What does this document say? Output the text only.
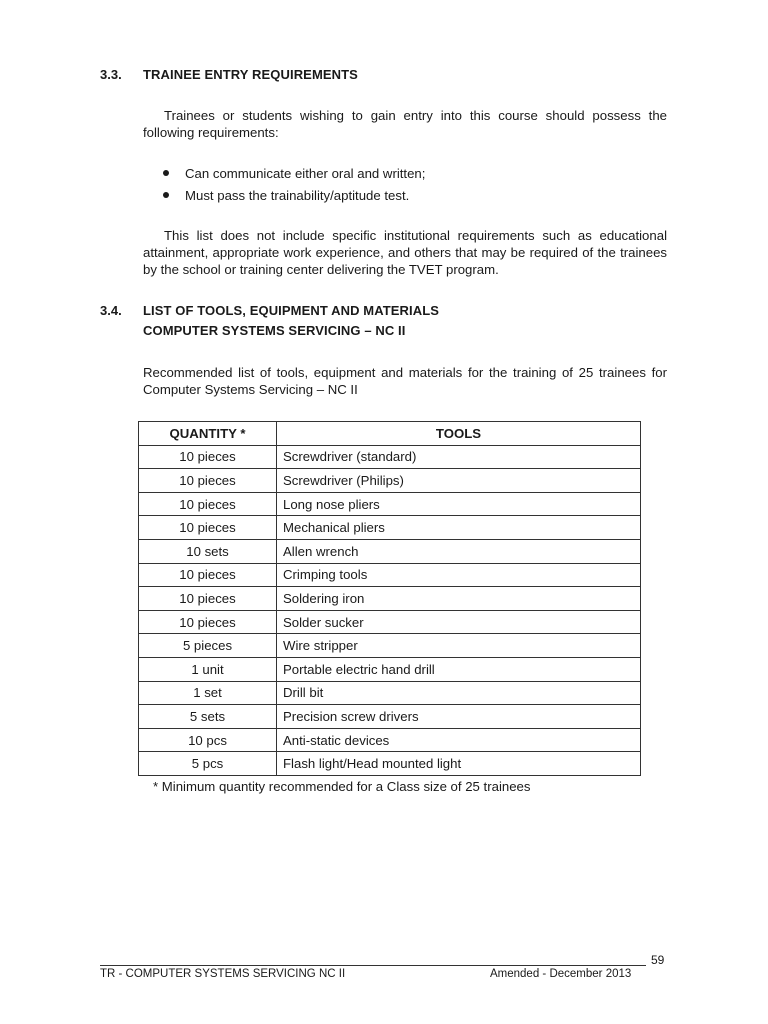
3.3. TRAINEE ENTRY REQUIREMENTS
Trainees or students wishing to gain entry into this course should possess the following requirements:
Can communicate either oral and written;
Must pass the trainability/aptitude test.
This list does not include specific institutional requirements such as educational attainment, appropriate work experience, and others that may be required of the trainees by the school or training center delivering the TVET program.
3.4. LIST OF TOOLS, EQUIPMENT AND MATERIALS
COMPUTER SYSTEMS SERVICING – NC II
Recommended list of tools, equipment and materials for the training of 25 trainees for Computer Systems Servicing – NC II
QUANTITY *	TOOLS
10 pieces	Screwdriver (standard)
10 pieces	Screwdriver (Philips)
10 pieces	Long nose pliers
10 pieces	Mechanical pliers
10 sets	Allen wrench
10 pieces	Crimping tools
10 pieces	Soldering iron
10 pieces	Solder sucker
5 pieces	Wire stripper
1 unit	Portable electric hand drill
1 set	Drill bit
5 sets	Precision screw drivers
10 pcs	Anti-static devices
5 pcs	Flash light/Head mounted light
* Minimum quantity recommended for a Class size of 25 trainees
59
TR - COMPUTER SYSTEMS SERVICING NC II	Amended - December 2013
